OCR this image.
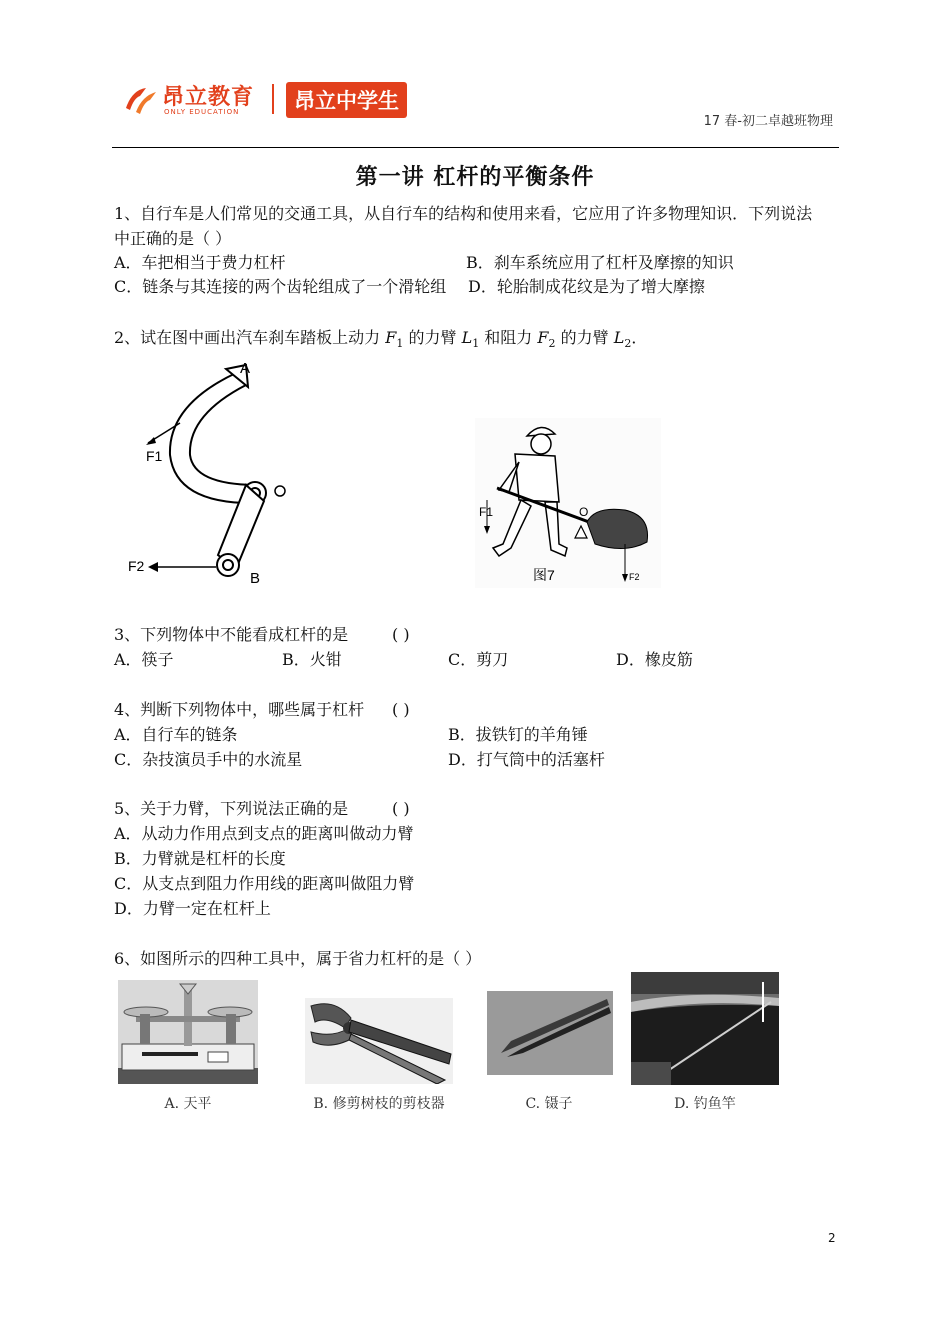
昂立教育
ONLY EDUCATION	昂立中学生
17 春-初二卓越班物理
第一讲 杠杆的平衡条件
1、自行车是人们常见的交通工具，从自行车的结构和使用来看，它应用了许多物理知识．下列说法
中正确的是（ ）
A．车把相当于费力杠杆	B．刹车系统应用了杠杆及摩擦的知识
C．链条与其连接的两个齿轮组成了一个滑轮组 D．轮胎制成花纹是为了增大摩擦
2、试在图中画出汽车刹车踏板上动力 $F_1$ 的力臂 $L_1$ 和阻力 $F_2$ 的力臂 $L_2$．
A
F1
F2
B
F1	O
F2
图7
3、下列物体中不能看成杠杆的是	( )
A．筷子	B．火钳	C．剪刀	D．橡皮筋
4、判断下列物体中，哪些属于杠杆 ( )
A．自行车的链条	B．拔铁钉的羊角锤
C．杂技演员手中的水流星	D．打气筒中的活塞杆
5、关于力臂，下列说法正确的是	( )
A．从动力作用点到支点的距离叫做动力臂
B．力臂就是杠杆的长度
C．从支点到阻力作用线的距离叫做阻力臂
D．力臂一定在杠杆上
6、如图所示的四种工具中，属于省力杠杆的是（ ）
A. 天平	B. 修剪树枝的剪枝器	C. 镊子	D. 钓鱼竿
2
